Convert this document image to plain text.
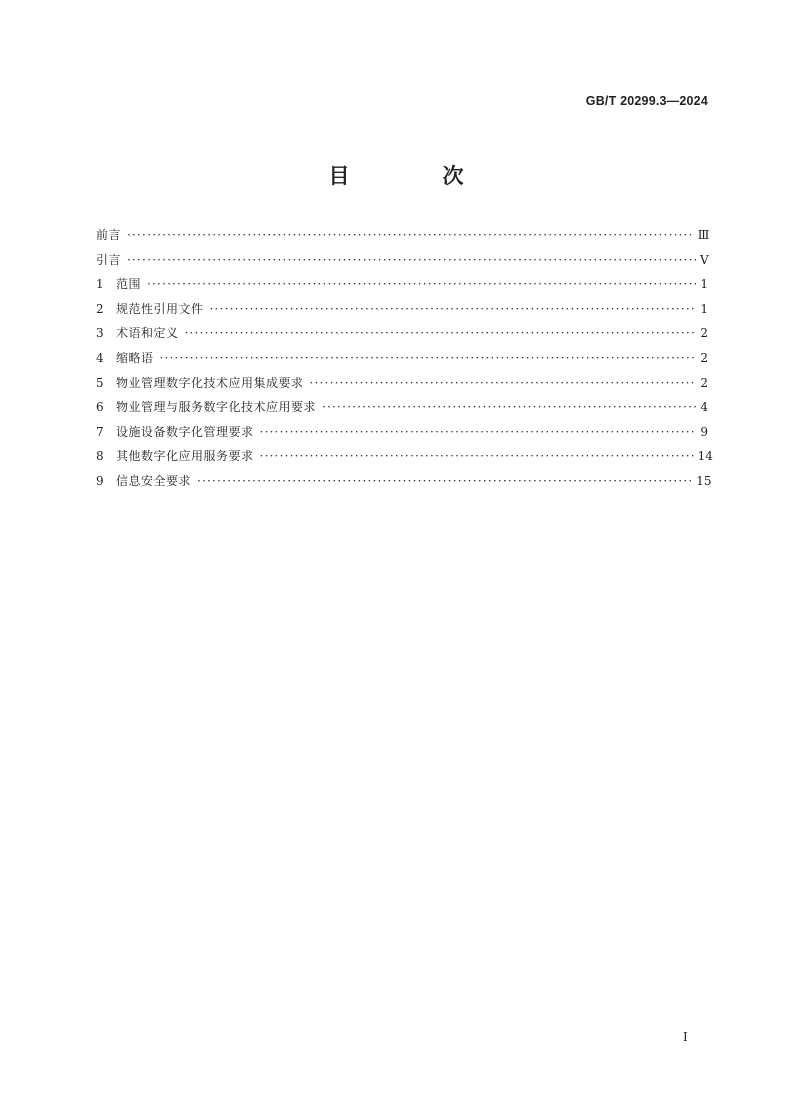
GB/T 20299.3—2024
目　次
前言 ·····	Ⅲ
引言 ·····	Ⅴ
1	范围 ·····	1
2	规范性引用文件 ·····	1
3	术语和定义 ·····	2
4	缩略语 ·····	2
5	物业管理数字化技术应用集成要求 ·····	2
6	物业管理与服务数字化技术应用要求 ·····	4
7	设施设备数字化管理要求 ·····	9
8	其他数字化应用服务要求 ·····	14
9	信息安全要求 ·····	15
Ⅰ
